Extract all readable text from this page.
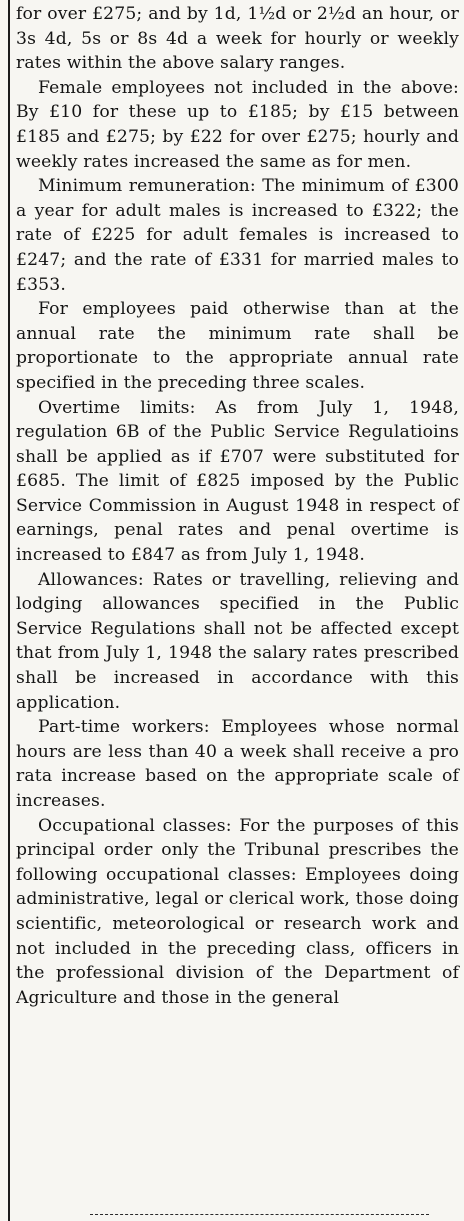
for over £275; and by 1d, 1½d or 2½d an hour, or 3s 4d, 5s or 8s 4d a week for hourly or weekly rates within the above salary ranges.

Female employees not included in the above: By £10 for these up to £185; by £15 between £185 and £275; by £22 for over £275; hourly and weekly rates increased the same as for men.

Minimum remuneration: The minimum of £300 a year for adult males is increased to £322; the rate of £225 for adult females is increased to £247; and the rate of £331 for married males to £353.

For employees paid otherwise than at the annual rate the minimum rate shall be proportionate to the appropriate annual rate specified in the preceding three scales.

Overtime limits: As from July 1, 1948, regulation 6B of the Public Service Regulatioins shall be applied as if £707 were substituted for £685. The limit of £825 imposed by the Public Service Commission in August 1948 in respect of earnings, penal rates and penal overtime is increased to £847 as from July 1, 1948.

Allowances: Rates or travelling, relieving and lodging allowances specified in the Public Service Regulations shall not be affected except that from July 1, 1948 the salary rates prescribed shall be increased in accordance with this application.

Part-time workers: Employees whose normal hours are less than 40 a week shall receive a pro rata increase based on the appropriate scale of increases.

Occupational classes: For the purposes of this principal order only the Tribunal prescribes the following occupational classes: Employees doing administrative, legal or clerical work, those doing scientific, meteorological or research work and not included in the preceding class, officers in the professional division of the Department of Agriculture and those in the general
